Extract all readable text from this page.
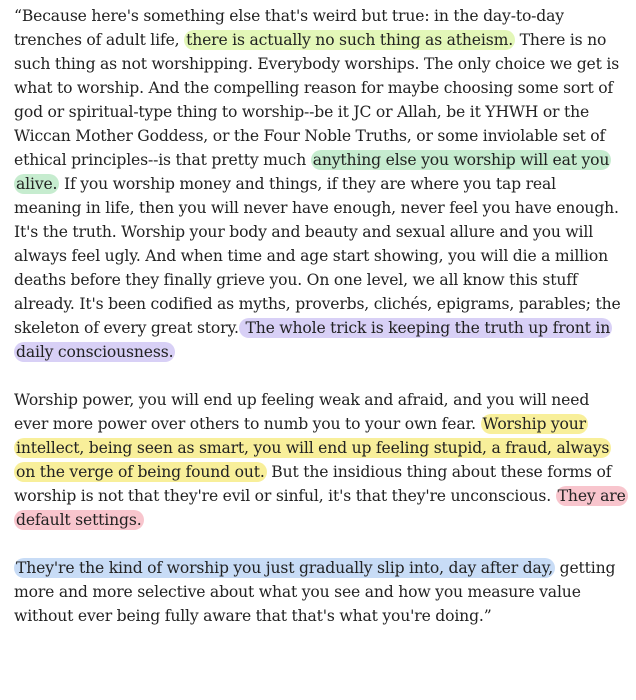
“Because here's something else that's weird but true: in the day-to-day trenches of adult life, there is actually no such thing as atheism. There is no such thing as not worshipping. Everybody worships. The only choice we get is what to worship. And the compelling reason for maybe choosing some sort of god or spiritual-type thing to worship--be it JC or Allah, be it YHWH or the Wiccan Mother Goddess, or the Four Noble Truths, or some inviolable set of ethical principles--is that pretty much anything else you worship will eat you alive. If you worship money and things, if they are where you tap real meaning in life, then you will never have enough, never feel you have enough. It's the truth. Worship your body and beauty and sexual allure and you will always feel ugly. And when time and age start showing, you will die a million deaths before they finally grieve you. On one level, we all know this stuff already. It's been codified as myths, proverbs, clichés, epigrams, parables; the skeleton of every great story. The whole trick is keeping the truth up front in daily consciousness.

Worship power, you will end up feeling weak and afraid, and you will need ever more power over others to numb you to your own fear. Worship your intellect, being seen as smart, you will end up feeling stupid, a fraud, always on the verge of being found out. But the insidious thing about these forms of worship is not that they're evil or sinful, it's that they're unconscious. They are default settings.

They're the kind of worship you just gradually slip into, day after day, getting more and more selective about what you see and how you measure value without ever being fully aware that that's what you're doing.”
